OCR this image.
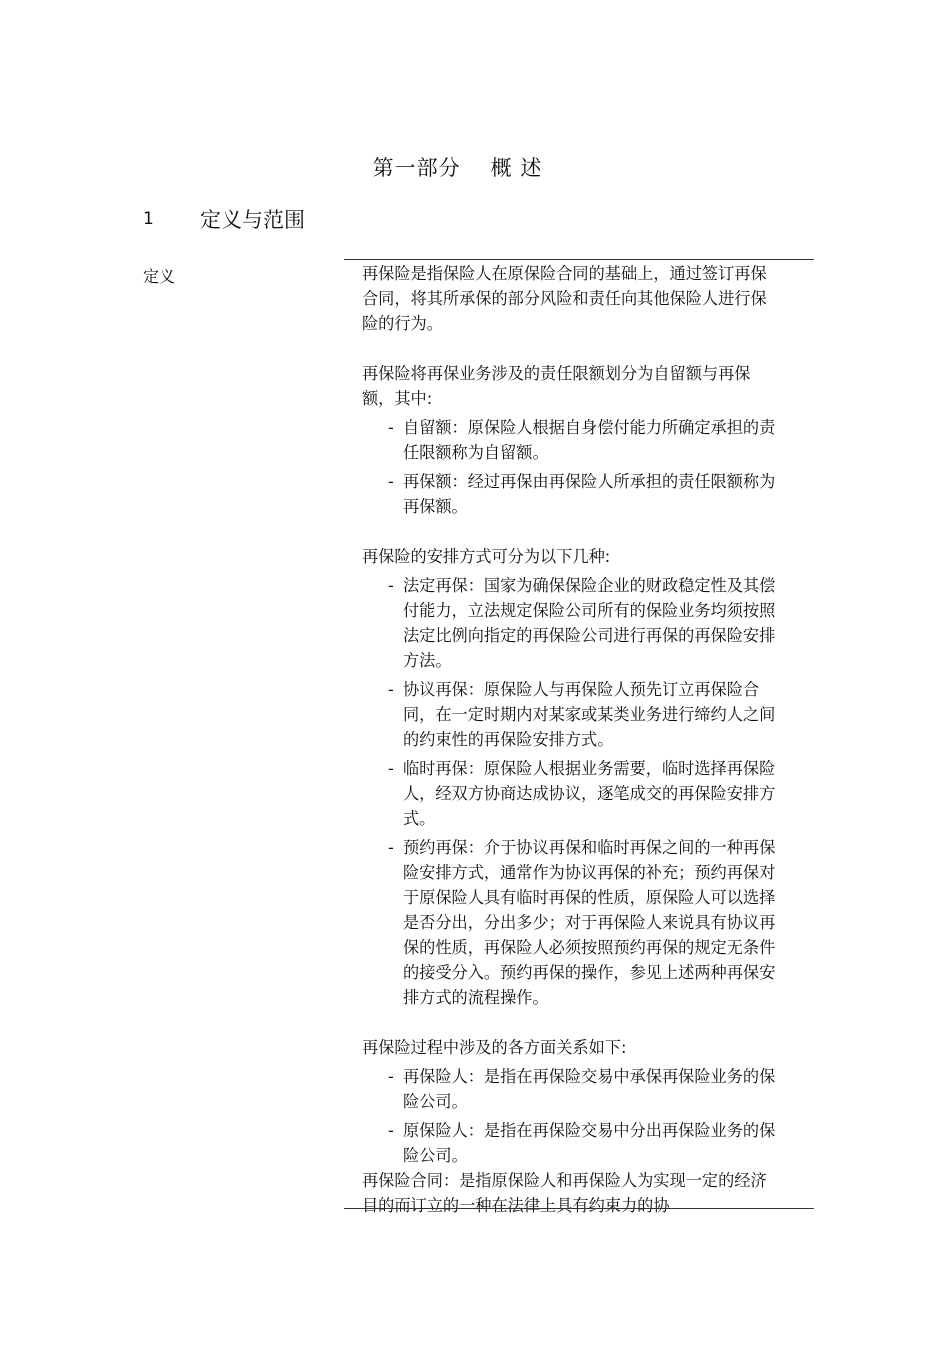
第一部分 概 述
1 定义与范围
定义	再保险是指保险人在原保险合同的基础上，通过签订再保合同，将其所承保的部分风险和责任向其他保险人进行保险的行为。

再保险将再保业务涉及的责任限额划分为自留额与再保额，其中:

- 自留额：原保险人根据自身偿付能力所确定承担的责任限额称为自留额。
- 再保额：经过再保由再保险人所承担的责任限额称为再保额。

再保险的安排方式可分为以下几种:

- 法定再保：国家为确保保险企业的财政稳定性及其偿付能力，立法规定保险公司所有的保险业务均须按照法定比例向指定的再保险公司进行再保的再保险安排方法。
- 协议再保：原保险人与再保险人预先订立再保险合同，在一定时期内对某家或某类业务进行缔约人之间的约束性的再保险安排方式。
- 临时再保：原保险人根据业务需要，临时选择再保险人，经双方协商达成协议，逐笔成交的再保险安排方式。
- 预约再保：介于协议再保和临时再保之间的一种再保险安排方式，通常作为协议再保的补充；预约再保对于原保险人具有临时再保的性质，原保险人可以选择是否分出，分出多少；对于再保险人来说具有协议再保的性质，再保险人必须按照预约再保的规定无条件的接受分入。预约再保的操作，参见上述两种再保安排方式的流程操作。

再保险过程中涉及的各方面关系如下:

- 再保险人：是指在再保险交易中承保再保险业务的保险公司。
- 原保险人：是指在再保险交易中分出再保险业务的保险公司。

再保险合同：是指原保险人和再保险人为实现一定的经济目的而订立的一种在法律上具有约束力的协
